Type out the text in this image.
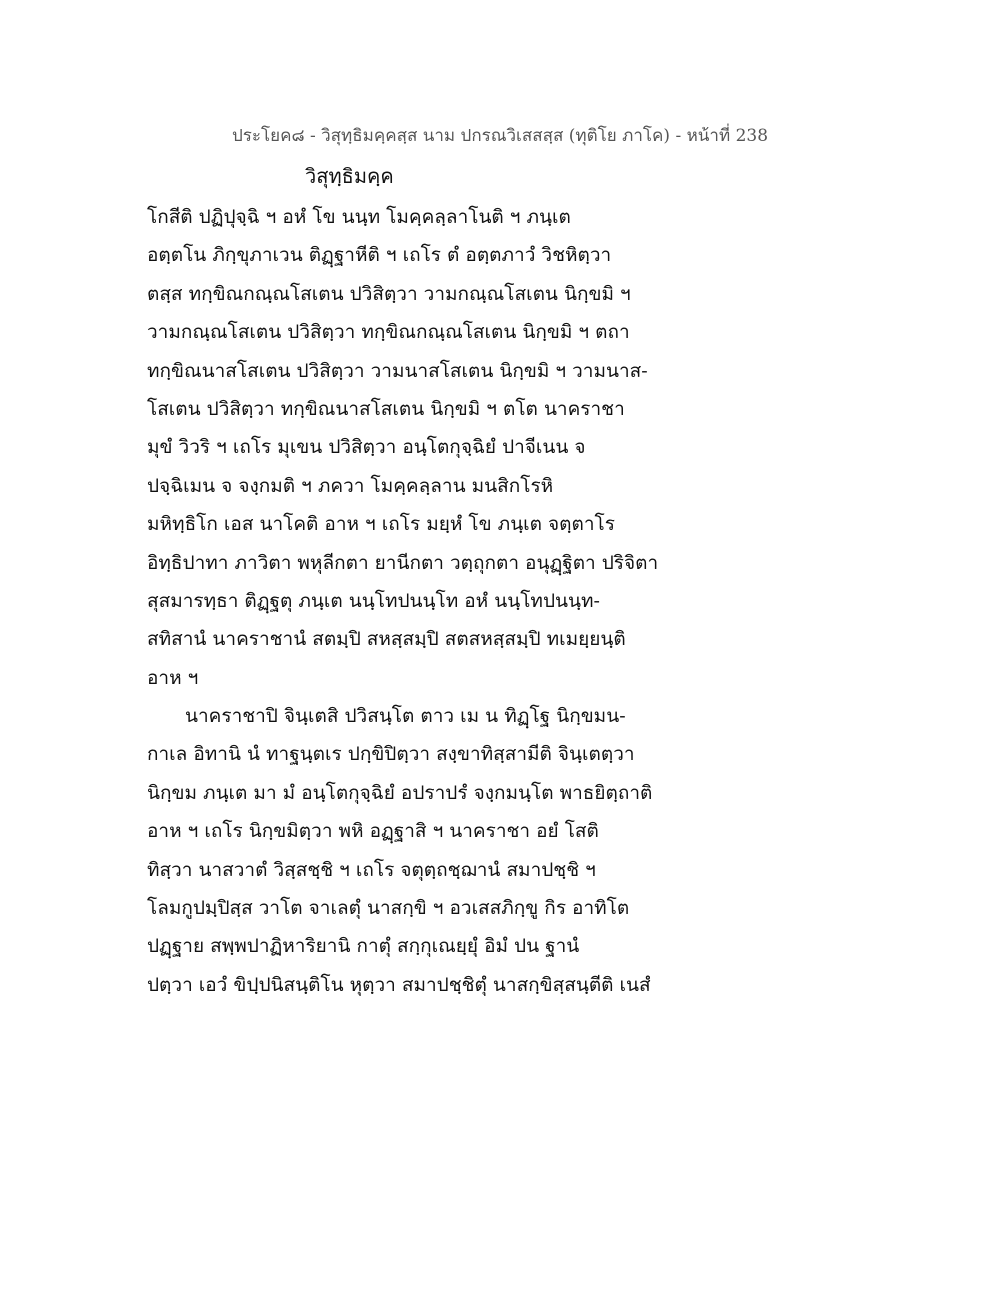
ประโยค๘ - วิสุทฺธิมคฺคสฺส นาม ปกรณวิเสสสฺส (ทุติโย ภาโค) - หน้าที่ 238
วิสุทฺธิมคฺค
โกสีติ ปฏิปุจฺฉิ ฯ อหํ โข นนฺท โมคฺคลฺลาโนติ ฯ ภนฺเต
อตฺตโน ภิกฺขุภาเวน ติฏฺฐาหีติ ฯ เถโร ตํ อตฺตภาวํ วิชหิตฺวา
ตสฺส ทกฺขิณกณฺณโสเตน ปวิสิตฺวา วามกณฺณโสเตน นิกฺขมิ ฯ
วามกณฺณโสเตน ปวิสิตฺวา ทกฺขิณกณฺณโสเตน นิกฺขมิ ฯ ตถา
ทกฺขิณนาสโสเตน ปวิสิตฺวา วามนาสโสเตน นิกฺขมิ ฯ วามนาส-
โสเตน ปวิสิตฺวา ทกฺขิณนาสโสเตน นิกฺขมิ ฯ ตโต นาคราชา
มุขํ วิวริ ฯ เถโร มุเขน ปวิสิตฺวา อนฺโตกุจฺฉิยํ ปาจีเนน จ
ปจฺฉิเมน จ จงฺกมติ ฯ ภควา โมคฺคลฺลาน มนสิกโรหิ
มหิทฺธิโก เอส นาโคติ อาห ฯ เถโร มยฺหํ โข ภนฺเต จตฺตาโร
อิทฺธิปาทา ภาวิตา พหุลีกตา ยานีกตา วตฺถุกตา อนุฏฺฐิตา ปริจิตา
สุสมารทฺธา ติฏฺฐตุ ภนฺเต นนฺโทปนนฺโท อหํ นนฺโทปนนฺท-
สทิสานํ นาคราชานํ สตมฺปิ สหสฺสมฺปิ สตสหสฺสมฺปิ ทเมยฺยนฺติ
อาห ฯ
นาคราชาปิ จินฺเตสิ ปวิสนฺโต ตาว เม น ทิฏฺโฐ นิกฺขมน-
กาเล อิทานิ นํ ทาฐนฺตเร ปกฺขิปิตฺวา สงฺขาทิสฺสามีติ จินฺเตตฺวา
นิกฺขม ภนฺเต มา มํ อนฺโตกุจฺฉิยํ อปราปรํ จงฺกมนฺโต พาธยิตฺถาติ
อาห ฯ เถโร นิกฺขมิตฺวา พหิ อฏฺฐาสิ ฯ นาคราชา อยํ โสติ
ทิสฺวา นาสวาตํ วิสฺสชฺชิ ฯ เถโร จตุตฺถชฺฌานํ สมาปชฺชิ ฯ
โลมกูปมฺปิสฺส วาโต จาเลตุํ นาสกฺขิ ฯ อวเสสภิกฺขู กิร อาทิโต
ปฏฺฐาย สพฺพปาฏิหาริยานิ กาตุํ สกฺกุเณยฺยุํ อิมํ ปน ฐานํ
ปตฺวา เอวํ ขิปฺปนิสนฺติโน หุตฺวา สมาปชฺชิตุํ นาสกฺขิสฺสนฺตีติ เนสํ
